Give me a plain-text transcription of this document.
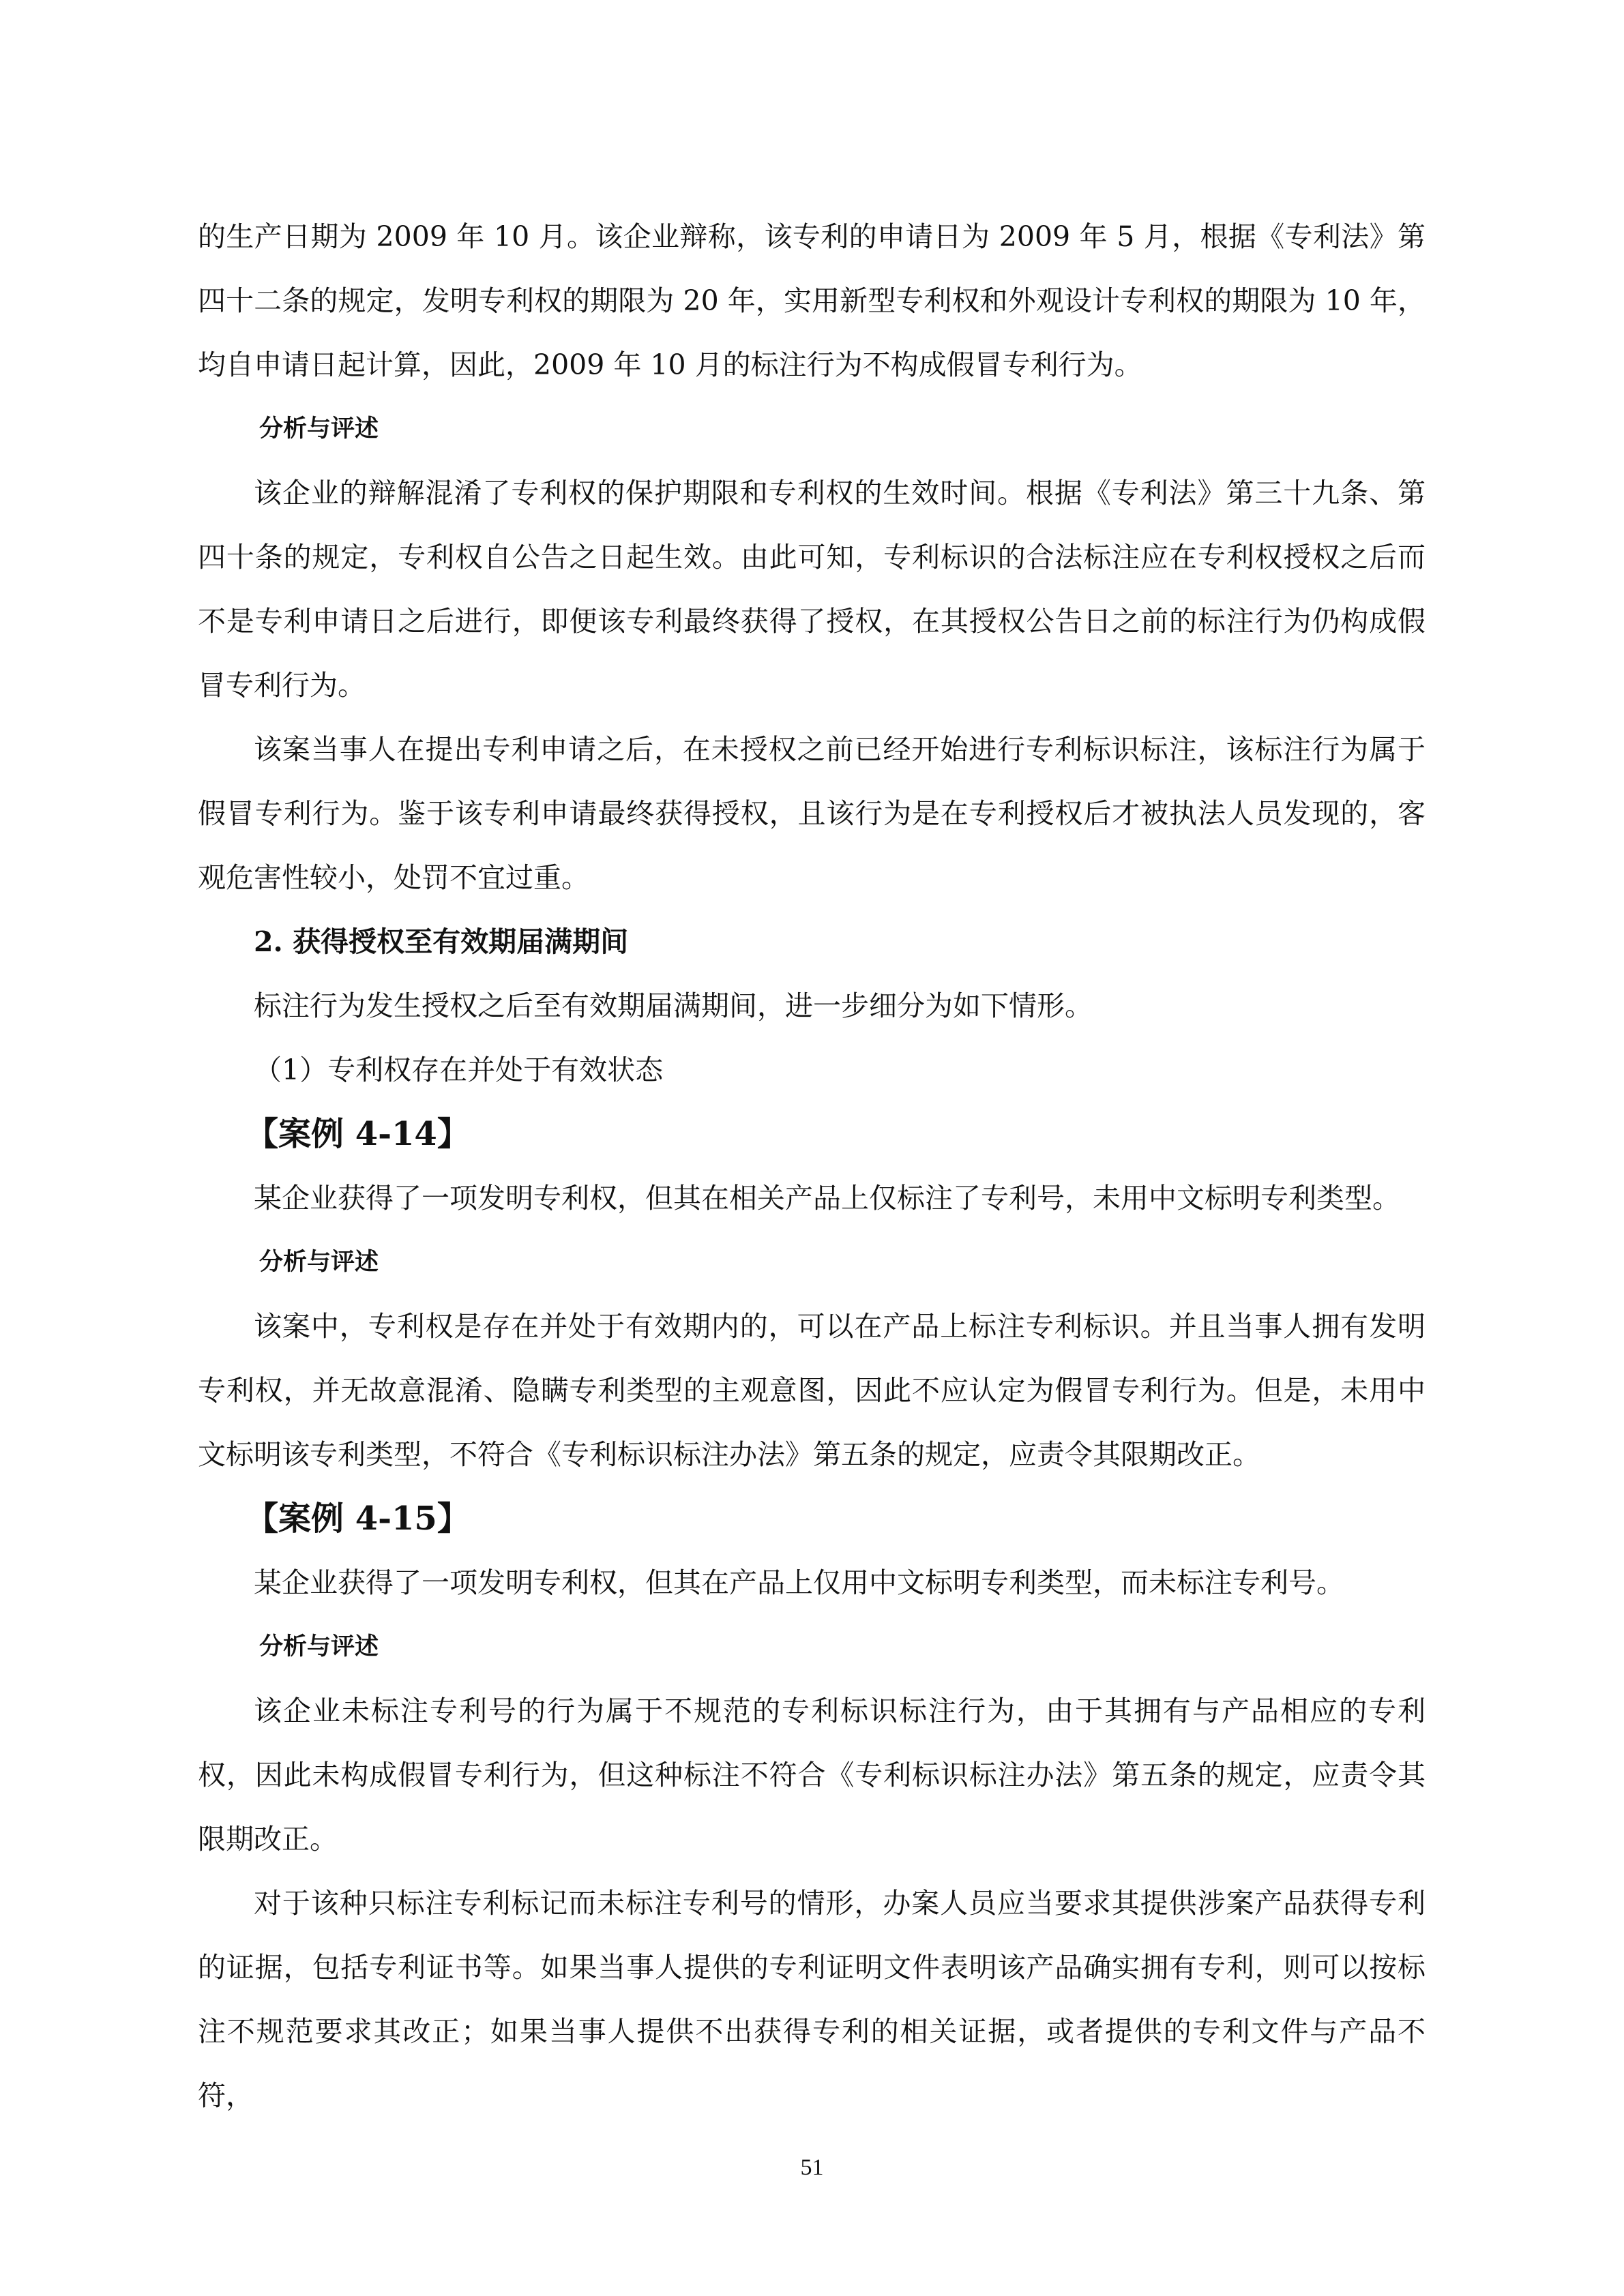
的生产日期为 2009 年 10 月。该企业辩称，该专利的申请日为 2009 年 5 月，根据《专利法》第四十二条的规定，发明专利权的期限为 20 年，实用新型专利权和外观设计专利权的期限为 10 年，均自申请日起计算，因此，2009 年 10 月的标注行为不构成假冒专利行为。

分析与评述

该企业的辩解混淆了专利权的保护期限和专利权的生效时间。根据《专利法》第三十九条、第四十条的规定，专利权自公告之日起生效。由此可知，专利标识的合法标注应在专利权授权之后而不是专利申请日之后进行，即便该专利最终获得了授权，在其授权公告日之前的标注行为仍构成假冒专利行为。

该案当事人在提出专利申请之后，在未授权之前已经开始进行专利标识标注，该标注行为属于假冒专利行为。鉴于该专利申请最终获得授权，且该行为是在专利授权后才被执法人员发现的，客观危害性较小，处罚不宜过重。

2. 获得授权至有效期届满期间

标注行为发生授权之后至有效期届满期间，进一步细分为如下情形。

（1）专利权存在并处于有效状态

【案例 4-14】

某企业获得了一项发明专利权，但其在相关产品上仅标注了专利号，未用中文标明专利类型。

分析与评述

该案中，专利权是存在并处于有效期内的，可以在产品上标注专利标识。并且当事人拥有发明专利权，并无故意混淆、隐瞒专利类型的主观意图，因此不应认定为假冒专利行为。但是，未用中文标明该专利类型，不符合《专利标识标注办法》第五条的规定，应责令其限期改正。

【案例 4-15】

某企业获得了一项发明专利权，但其在产品上仅用中文标明专利类型，而未标注专利号。

分析与评述

该企业未标注专利号的行为属于不规范的专利标识标注行为，由于其拥有与产品相应的专利权，因此未构成假冒专利行为，但这种标注不符合《专利标识标注办法》第五条的规定，应责令其限期改正。

对于该种只标注专利标记而未标注专利号的情形，办案人员应当要求其提供涉案产品获得专利的证据，包括专利证书等。如果当事人提供的专利证明文件表明该产品确实拥有专利，则可以按标注不规范要求其改正；如果当事人提供不出获得专利的相关证据，或者提供的专利文件与产品不符，

51
